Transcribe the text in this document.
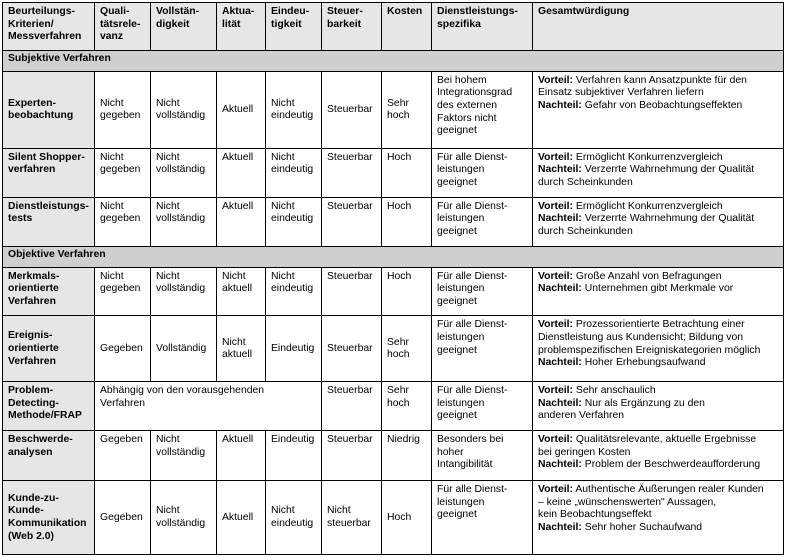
Beurteilungs-
Kriterien/
Messverfahren	Quali-
tätsrele-
vanz	Vollstän-
digkeit	Aktua-
lität	Eindeu-
tigkeit	Steuer-
barkeit	Kosten	Dienstleistungs-
spezifika	Gesamtwürdigung
Subjektive Verfahren								
Experten-
beobachtung	Nicht
gegeben	Nicht
vollständig	Aktuell	Nicht
eindeutig	Steuerbar	Sehr
hoch	Bei hohem
Integrationsgrad
des externen
Faktors nicht
geeignet	Vorteil: Verfahren kann Ansatzpunkte für den
Einsatz subjektiver Verfahren liefern
Nachteil: Gefahr von Beobachtungseffekten
Silent Shopper-
verfahren	Nicht
gegeben	Nicht
vollständig	Aktuell	Nicht
eindeutig	Steuerbar	Hoch	Für alle Dienst-
leistungen
geeignet	Vorteil: Ermöglicht Konkurrenzvergleich
Nachteil: Verzerrte Wahrnehmung der Qualität
durch Scheinkunden
Dienstleistungs-
tests	Nicht
gegeben	Nicht
vollständig	Aktuell	Nicht
eindeutig	Steuerbar	Hoch	Für alle Dienst-
leistungen
geeignet	Vorteil: Ermöglicht Konkurrenzvergleich
Nachteil: Verzerrte Wahrnehmung der Qualität
durch Scheinkunden
Objektive Verfahren								
Merkmals-
orientierte
Verfahren	Nicht
gegeben	Nicht
vollständig	Nicht
aktuell	Nicht
eindeutig	Steuerbar	Hoch	Für alle Dienst-
leistungen
geeignet	Vorteil: Große Anzahl von Befragungen
Nachteil: Unternehmen gibt Merkmale vor
Ereignis-
orientierte
Verfahren	Gegeben	Vollständig	Nicht
aktuell	Eindeutig	Steuerbar	Sehr
hoch	Für alle Dienst-
leistungen
geeignet	Vorteil: Prozessorientierte Betrachtung einer
Dienstleistung aus Kundensicht; Bildung von
problemspezifischen Ereigniskategorien möglich
Nachteil: Hoher Erhebungsaufwand
Problem-
Detecting-
Methode/FRAP	Abhängig von den vorausgehenden
Verfahren				Steuerbar	Sehr
hoch	Für alle Dienst-
leistungen
geeignet	Vorteil: Sehr anschaulich
Nachteil: Nur als Ergänzung zu den
anderen Verfahren
Beschwerde-
analysen	Gegeben	Nicht
vollständig	Aktuell	Eindeutig	Steuerbar	Niedrig	Besonders bei
hoher
Intangibilität	Vorteil: Qualitätsrelevante, aktuelle Ergebnisse
bei geringen Kosten
Nachteil: Problem der Beschwerdeaufforderung
Kunde-zu-
Kunde-
Kommunikation
(Web 2.0)	Gegeben	Nicht
vollständig	Aktuell	Nicht
eindeutig	Nicht
steuerbar	Hoch	Für alle Dienst-
leistungen
geeignet	Vorteil: Authentische Äußerungen realer Kunden
– keine „wünschenswerten" Aussagen,
kein Beobachtungseffekt
Nachteil: Sehr hoher Suchaufwand
